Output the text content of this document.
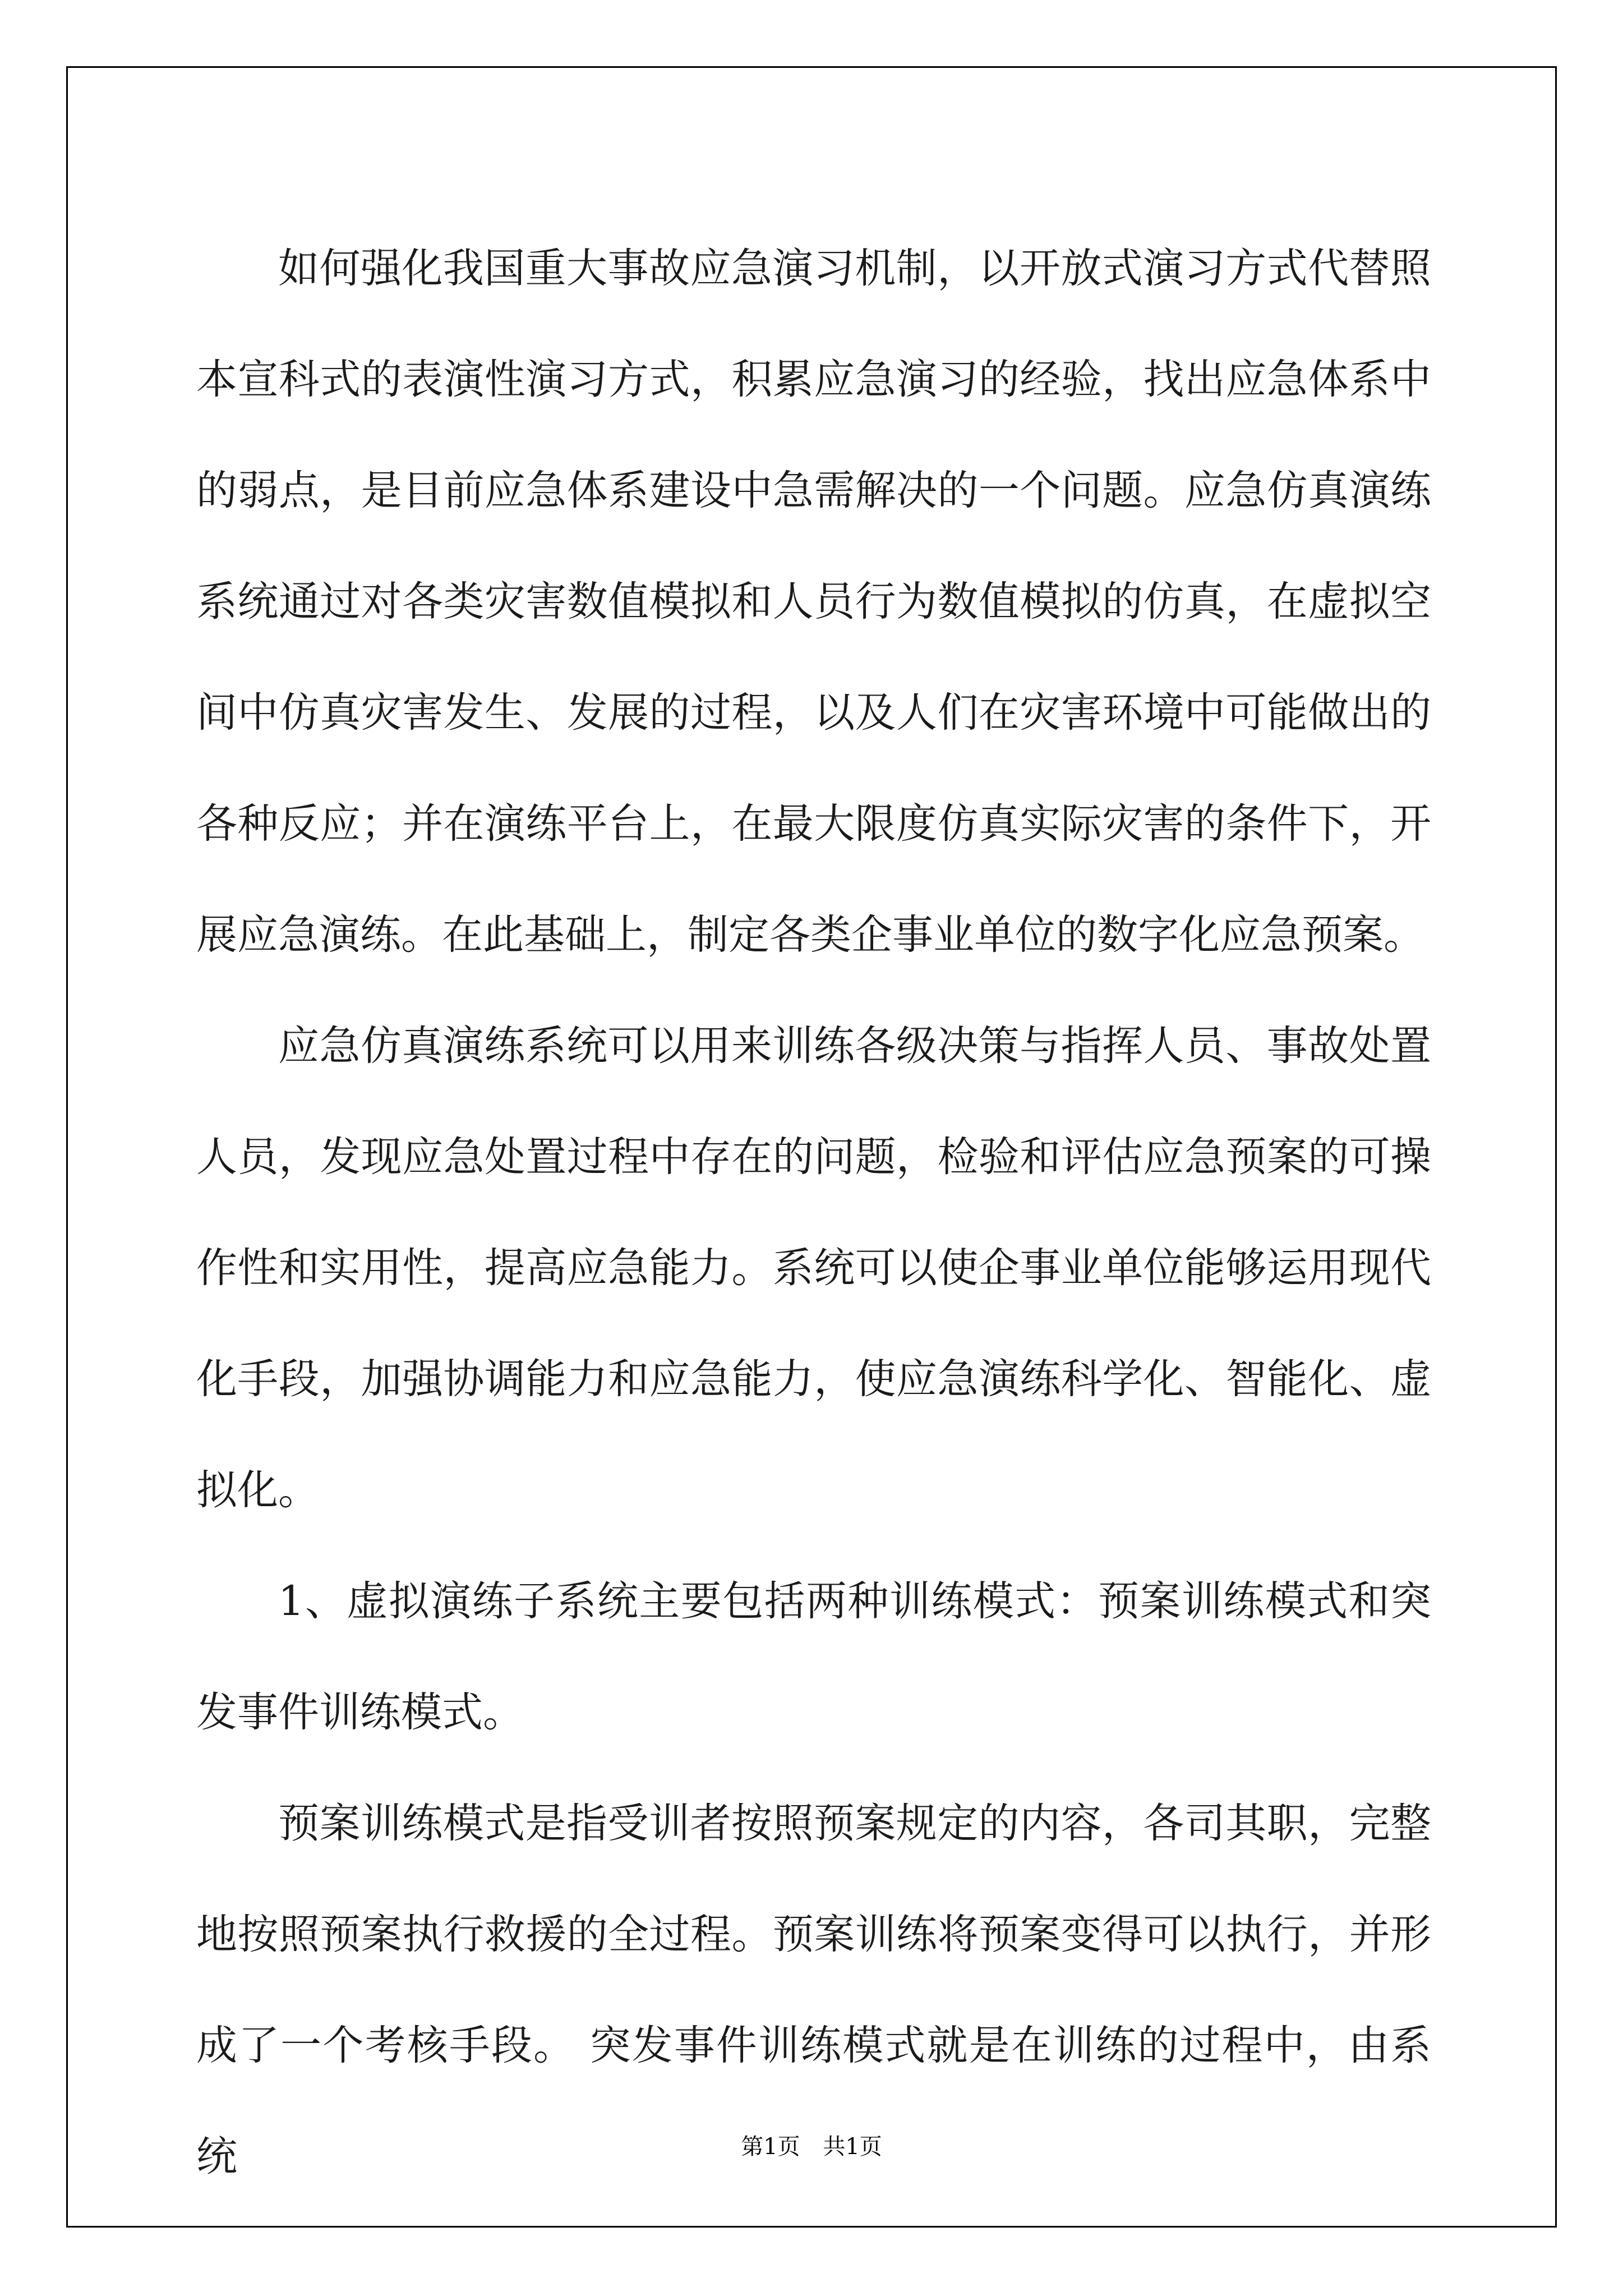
如何强化我国重大事故应急演习机制，以开放式演习方式代替照本宣科式的表演性演习方式，积累应急演习的经验，找出应急体系中的弱点，是目前应急体系建设中急需解决的一个问题。应急仿真演练系统通过对各类灾害数值模拟和人员行为数值模拟的仿真，在虚拟空间中仿真灾害发生、发展的过程，以及人们在灾害环境中可能做出的各种反应；并在演练平台上，在最大限度仿真实际灾害的条件下，开展应急演练。在此基础上，制定各类企事业单位的数字化应急预案。

应急仿真演练系统可以用来训练各级决策与指挥人员、事故处置人员，发现应急处置过程中存在的问题，检验和评估应急预案的可操作性和实用性，提高应急能力。系统可以使企事业单位能够运用现代化手段，加强协调能力和应急能力，使应急演练科学化、智能化、虚拟化。

1、虚拟演练子系统主要包括两种训练模式：预案训练模式和突发事件训练模式。

预案训练模式是指受训者按照预案规定的内容，各司其职，完整地按照预案执行救援的全过程。预案训练将预案变得可以执行，并形成了一个考核手段。 突发事件训练模式就是在训练的过程中，由系统	第1页 共1页
